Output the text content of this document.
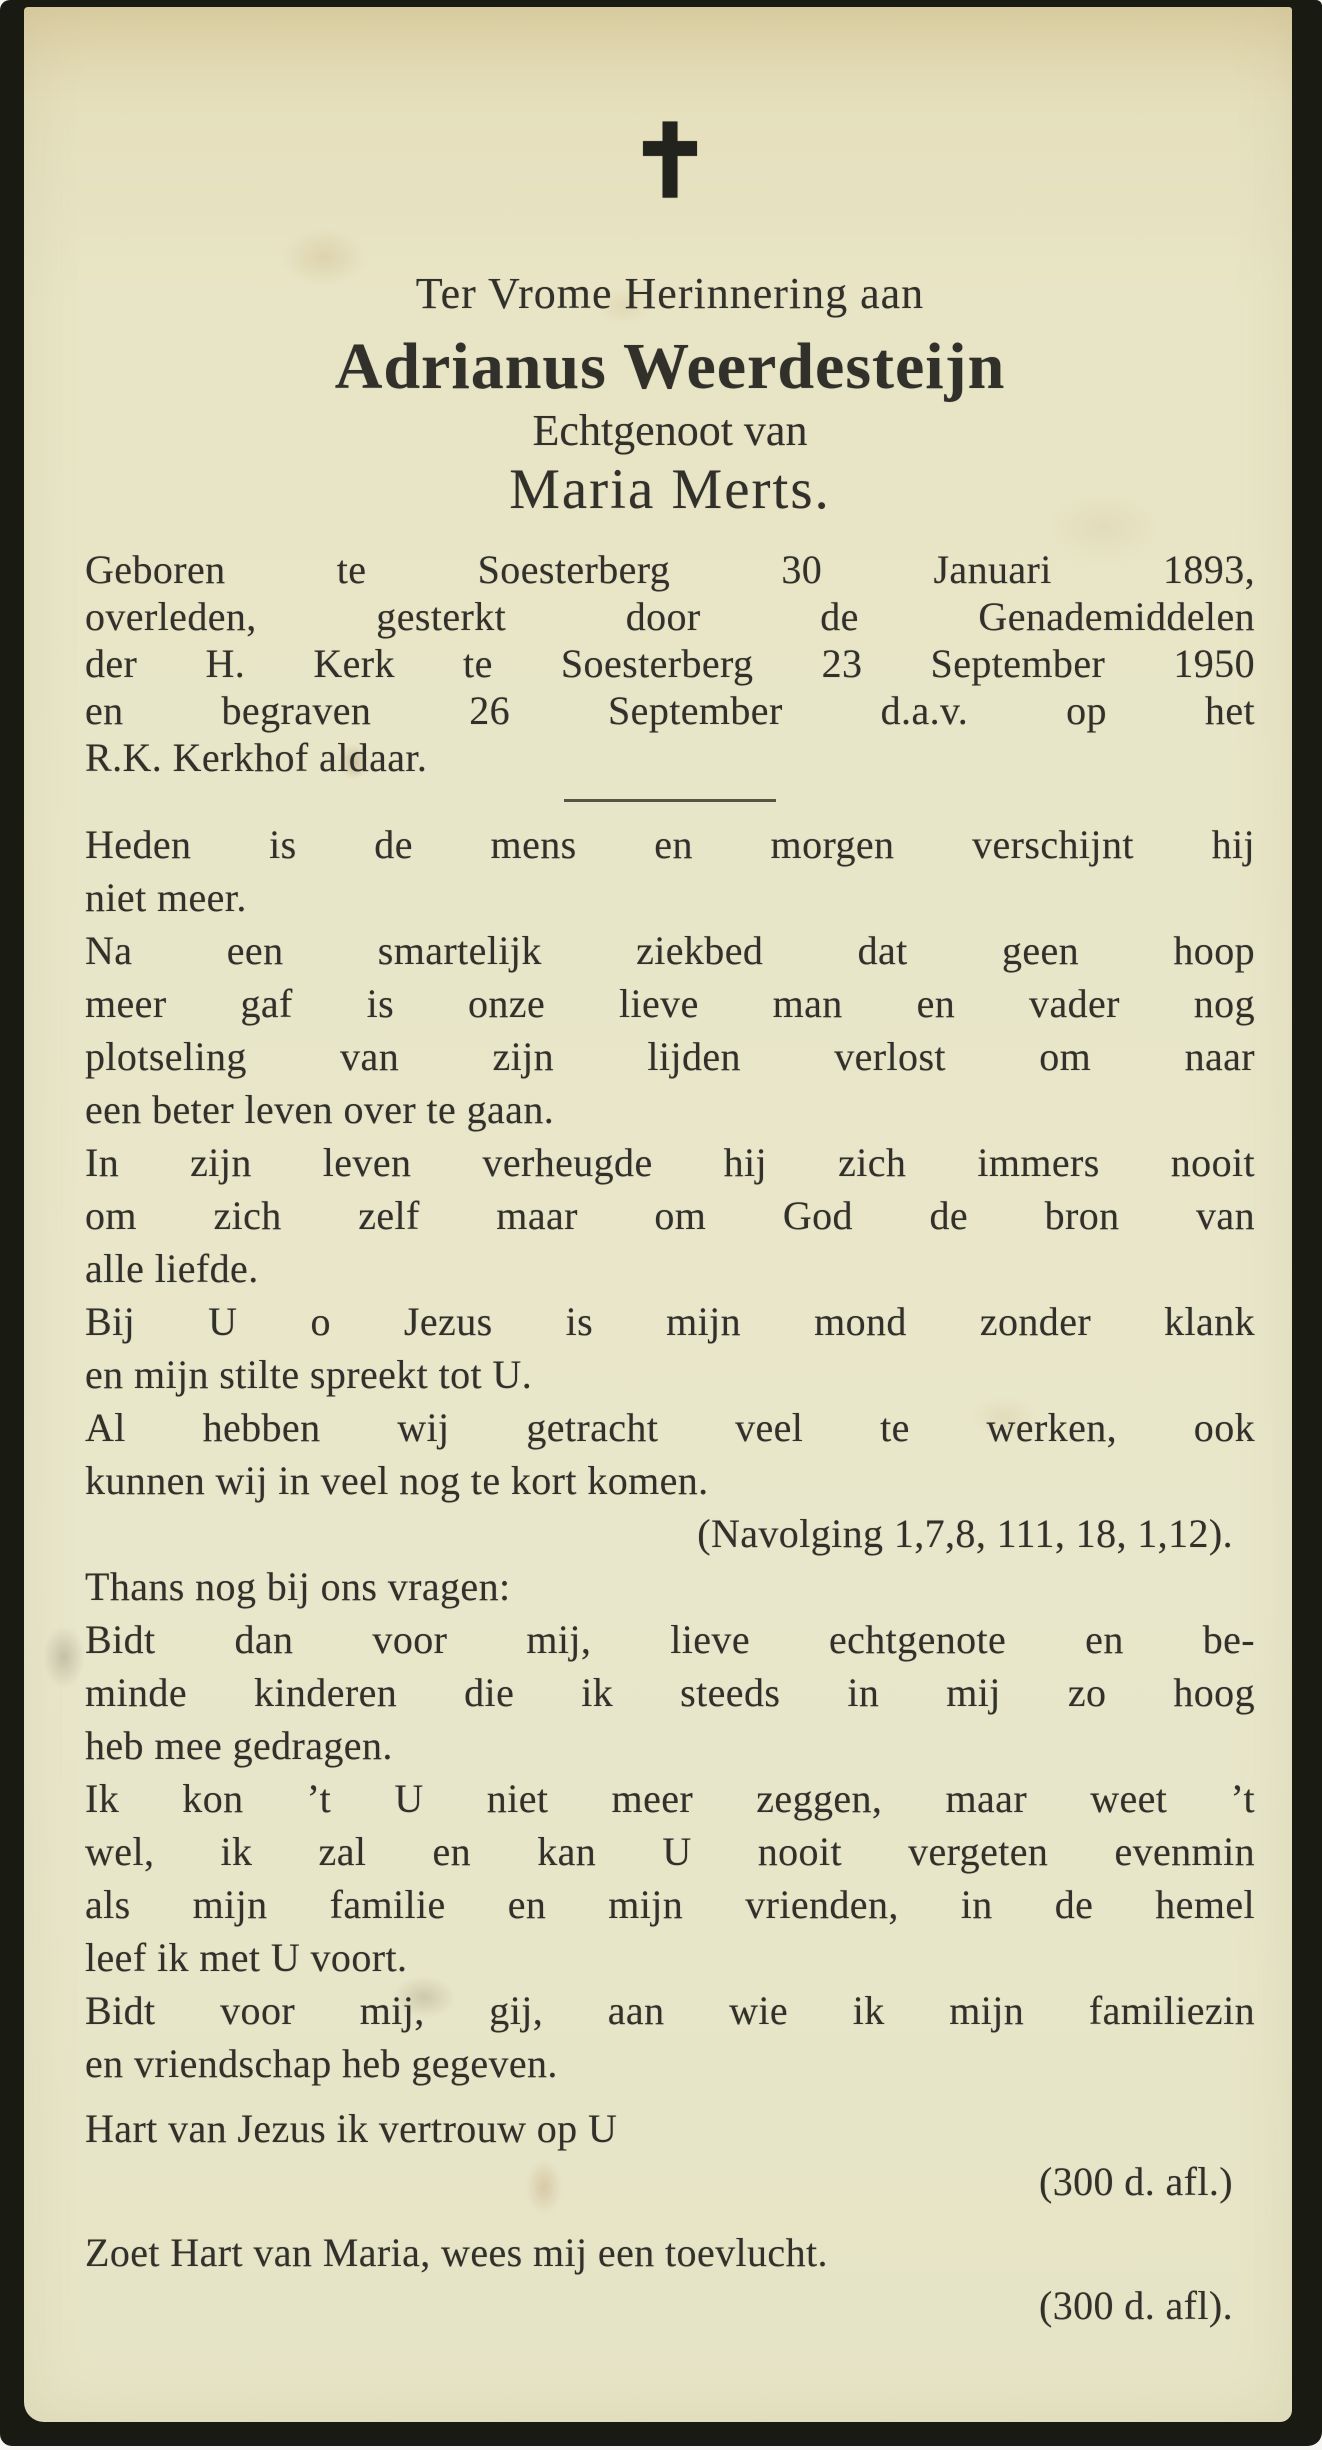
✝
Ter Vrome Herinnering aan
Adrianus Weerdesteijn
Echtgenoot van
Maria Merts.
Geboren te Soesterberg 30 Januari 1893,
overleden, gesterkt door de Genademiddelen
der H. Kerk te Soesterberg 23 September 1950
en begraven 26 September d.a.v. op het
R.K. Kerkhof aldaar.
Heden is de mens en morgen verschijnt hij
niet meer.
Na een smartelijk ziekbed dat geen hoop
meer gaf is onze lieve man en vader nog
plotseling van zijn lijden verlost om naar
een beter leven over te gaan.
In zijn leven verheugde hij zich immers nooit
om zich zelf maar om God de bron van
alle liefde.
Bij U o Jezus is mijn mond zonder klank
en mijn stilte spreekt tot U.
Al hebben wij getracht veel te werken, ook
kunnen wij in veel nog te kort komen.
(Navolging 1,7,8, 111, 18, 1,12).
Thans nog bij ons vragen:
Bidt dan voor mij, lieve echtgenote en be-
minde kinderen die ik steeds in mij zo hoog
heb mee gedragen.
Ik kon ’t U niet meer zeggen, maar weet ’t
wel, ik zal en kan U nooit vergeten evenmin
als mijn familie en mijn vrienden, in de hemel
leef ik met U voort.
Bidt voor mij, gij, aan wie ik mijn familiezin
en vriendschap heb gegeven.
Hart van Jezus ik vertrouw op U
(300 d. afl.)
Zoet Hart van Maria, wees mij een toevlucht.
(300 d. afl).
